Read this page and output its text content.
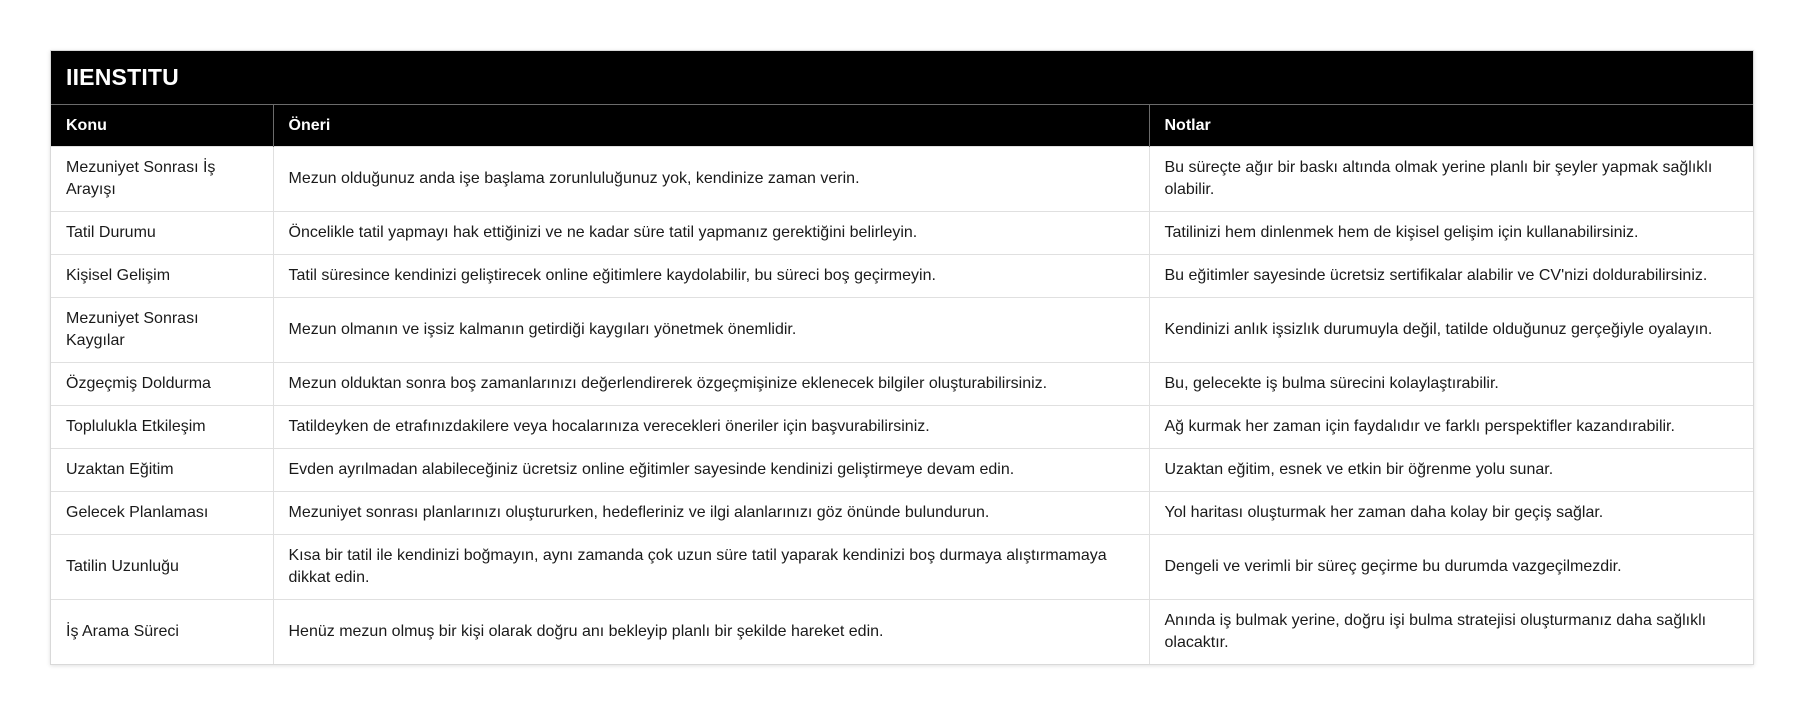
IIENSTITU
Konu	Öneri	Notlar
Mezuniyet Sonrası İş Arayışı	Mezun olduğunuz anda işe başlama zorunluluğunuz yok, kendinize zaman verin.	Bu süreçte ağır bir baskı altında olmak yerine planlı bir şeyler yapmak sağlıklı olabilir.
Tatil Durumu	Öncelikle tatil yapmayı hak ettiğinizi ve ne kadar süre tatil yapmanız gerektiğini belirleyin.	Tatilinizi hem dinlenmek hem de kişisel gelişim için kullanabilirsiniz.
Kişisel Gelişim	Tatil süresince kendinizi geliştirecek online eğitimlere kaydolabilir, bu süreci boş geçirmeyin.	Bu eğitimler sayesinde ücretsiz sertifikalar alabilir ve CV'nizi doldurabilirsiniz.
Mezuniyet Sonrası Kaygılar	Mezun olmanın ve işsiz kalmanın getirdiği kaygıları yönetmek önemlidir.	Kendinizi anlık işsizlık durumuyla değil, tatilde olduğunuz gerçeğiyle oyalayın.
Özgeçmiş Doldurma	Mezun olduktan sonra boş zamanlarınızı değerlendirerek özgeçmişinize eklenecek bilgiler oluşturabilirsiniz.	Bu, gelecekte iş bulma sürecini kolaylaştırabilir.
Toplulukla Etkileşim	Tatildeyken de etrafınızdakilere veya hocalarınıza verecekleri öneriler için başvurabilirsiniz.	Ağ kurmak her zaman için faydalıdır ve farklı perspektifler kazandırabilir.
Uzaktan Eğitim	Evden ayrılmadan alabileceğiniz ücretsiz online eğitimler sayesinde kendinizi geliştirmeye devam edin.	Uzaktan eğitim, esnek ve etkin bir öğrenme yolu sunar.
Gelecek Planlaması	Mezuniyet sonrası planlarınızı oluştururken, hedefleriniz ve ilgi alanlarınızı göz önünde bulundurun.	Yol haritası oluşturmak her zaman daha kolay bir geçiş sağlar.
Tatilin Uzunluğu	Kısa bir tatil ile kendinizi boğmayın, aynı zamanda çok uzun süre tatil yaparak kendinizi boş durmaya alıştırmamaya dikkat edin.	Dengeli ve verimli bir süreç geçirme bu durumda vazgeçilmezdir.
İş Arama Süreci	Henüz mezun olmuş bir kişi olarak doğru anı bekleyip planlı bir şekilde hareket edin.	Anında iş bulmak yerine, doğru işi bulma stratejisi oluşturmanız daha sağlıklı olacaktır.
